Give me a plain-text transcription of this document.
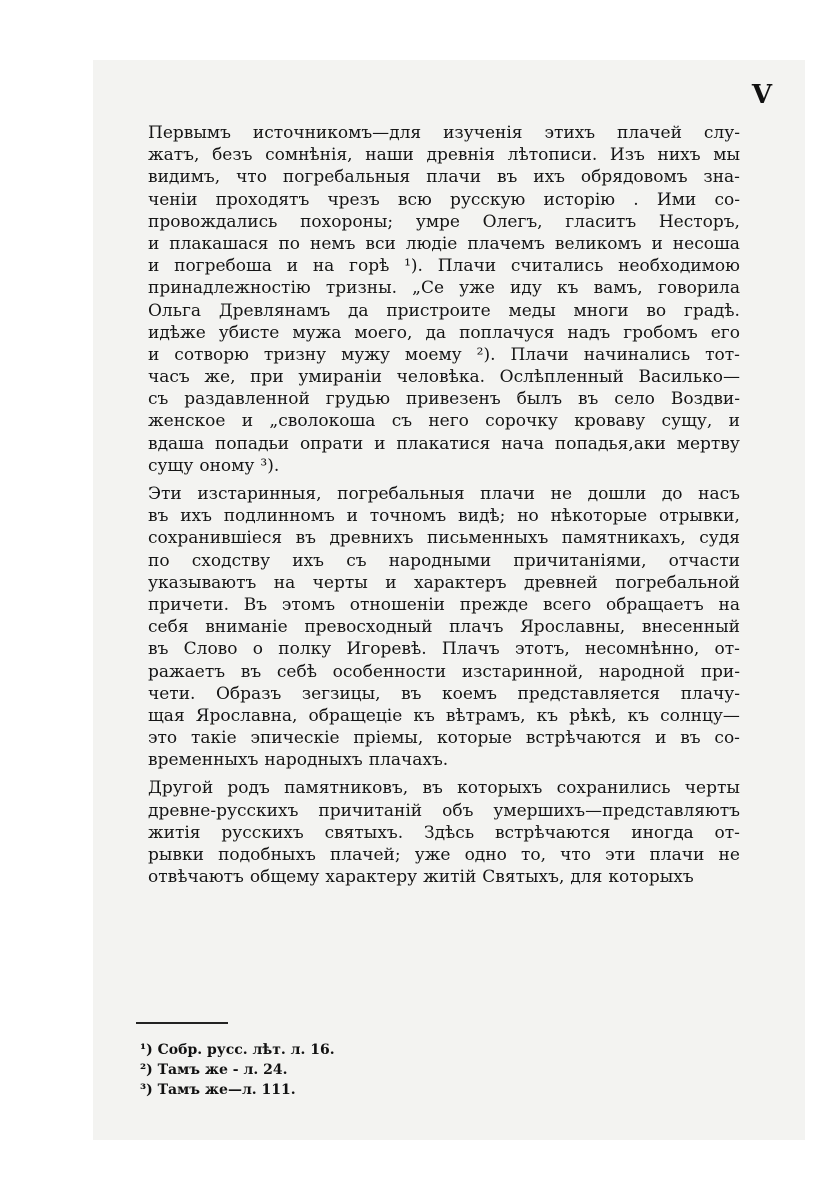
V
Первымъ источникомъ—для изученія этихъ плачей слу-
жатъ, безъ сомнѣнія, наши древнія лѣтописи. Изъ нихъ мы
видимъ, что погребальныя плачи въ ихъ обрядовомъ зна-
ченіи проходятъ чрезъ всю русскую исторію . Ими со-
провождались похороны; умре Олегъ, гласитъ Несторъ,
и плакашася по немъ вси людіе плачемъ великомъ и несоша
и погребоша и на горѣ ¹). Плачи считались необходимою
принадлежностію тризны. „Се уже иду къ вамъ, говорила
Ольга Древлянамъ да пристроите меды многи во градѣ.
идѣже убисте мужа моего, да поплачуся надъ гробомъ его
и сотворю тризну мужу моему ²). Плачи начинались тот-
часъ же, при умираніи человѣка. Ослѣпленный Василько—
съ раздавленной грудью привезенъ былъ въ село Воздви-
женское и „сволокоша съ него сорочку кроваву сущу, и
вдаша попадьи опрати и плакатися нача попадья,аки мертву
сущу оному ³).
Эти изстаринныя, погребальныя плачи не дошли до насъ
въ ихъ подлинномъ и точномъ видѣ; но нѣкоторые отрывки,
сохранившіеся въ древнихъ письменныхъ памятникахъ, судя
по сходству ихъ съ народными причитаніями, отчасти
указываютъ на черты и характеръ древней погребальной
причети. Въ этомъ отношеніи прежде всего обращаетъ на
себя вниманіе превосходный плачъ Ярославны, внесенный
въ Слово о полку Игоревѣ. Плачъ этотъ, несомнѣнно, от-
ражаетъ въ себѣ особенности изстаринной, народной при-
чети. Образъ зегзицы, въ коемъ представляется плачу-
щая Ярославна, обращеціе къ вѣтрамъ, къ рѣкѣ, къ солнцу—
это такіе эпическіе пріемы, которые встрѣчаются и въ со-
временныхъ народныхъ плачахъ.
Другой родъ памятниковъ, въ которыхъ сохранились черты
древне-русскихъ причитаній объ умершихъ—представляютъ
житія русскихъ святыхъ. Здѣсь встрѣчаются иногда от-
рывки подобныхъ плачей; уже одно то, что эти плачи не
отвѣчаютъ общему характеру житій Святыхъ, для которыхъ
¹) Собр. русс. лѣт. л. 16.
²) Тамъ же - л. 24.
³) Тамъ же—л. 111.
